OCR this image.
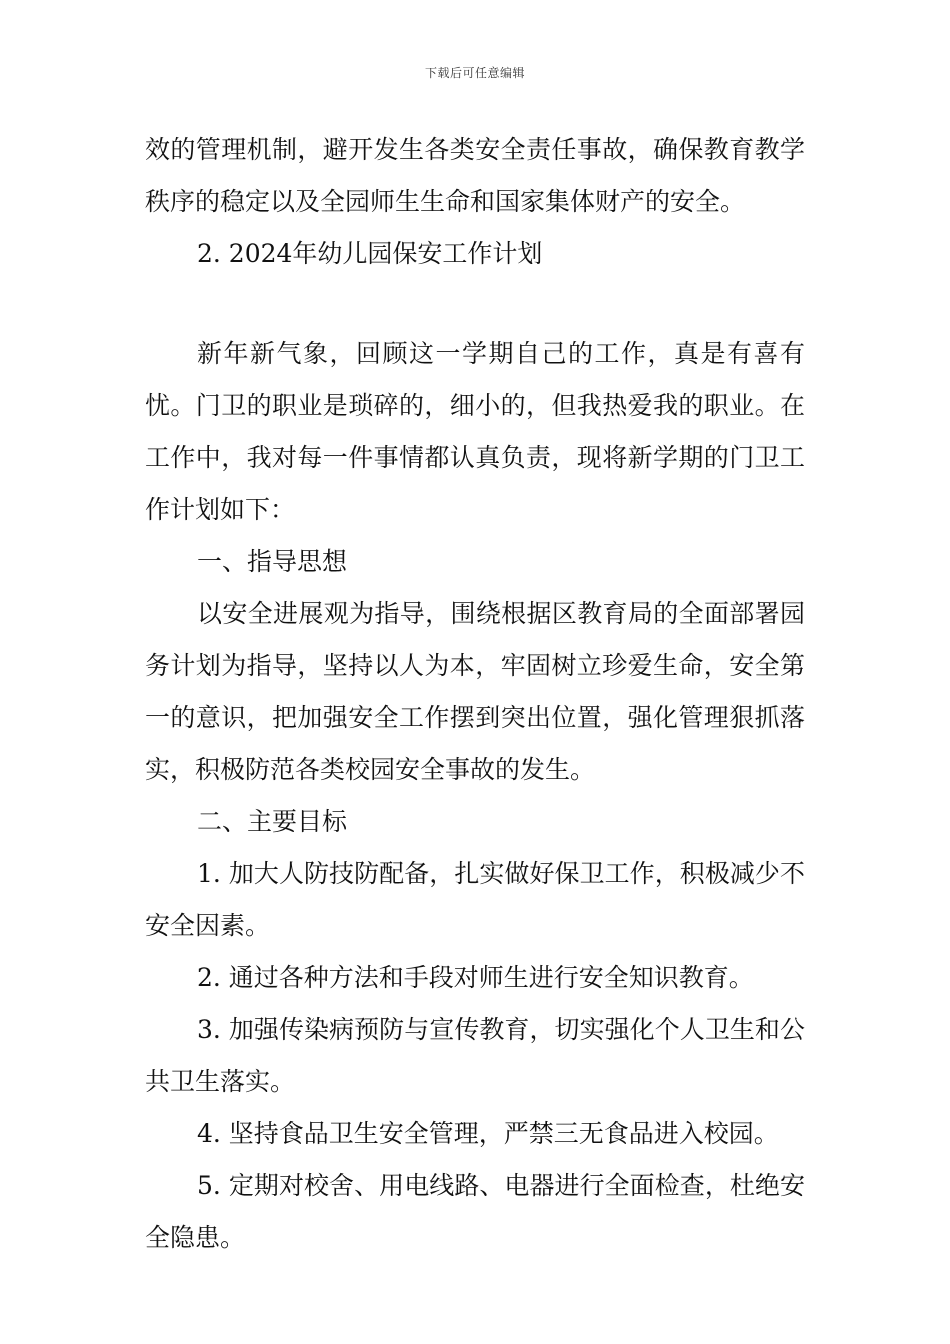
下载后可任意编辑

效的管理机制，避开发生各类安全责任事故，确保教育教学秩序的稳定以及全园师生生命和国家集体财产的安全。

2. 2024年幼儿园保安工作计划

新年新气象，回顾这一学期自己的工作，真是有喜有忧。门卫的职业是琐碎的，细小的，但我热爱我的职业。在工作中，我对每一件事情都认真负责，现将新学期的门卫工作计划如下：

一、指导思想

以安全进展观为指导，围绕根据区教育局的全面部署园务计划为指导，坚持以人为本，牢固树立珍爱生命，安全第一的意识，把加强安全工作摆到突出位置，强化管理狠抓落实，积极防范各类校园安全事故的发生。

二、主要目标

1. 加大人防技防配备，扎实做好保卫工作，积极减少不安全因素。

2. 通过各种方法和手段对师生进行安全知识教育。

3. 加强传染病预防与宣传教育，切实强化个人卫生和公共卫生落实。

4. 坚持食品卫生安全管理，严禁三无食品进入校园。

5. 定期对校舍、用电线路、电器进行全面检查，杜绝安全隐患。
